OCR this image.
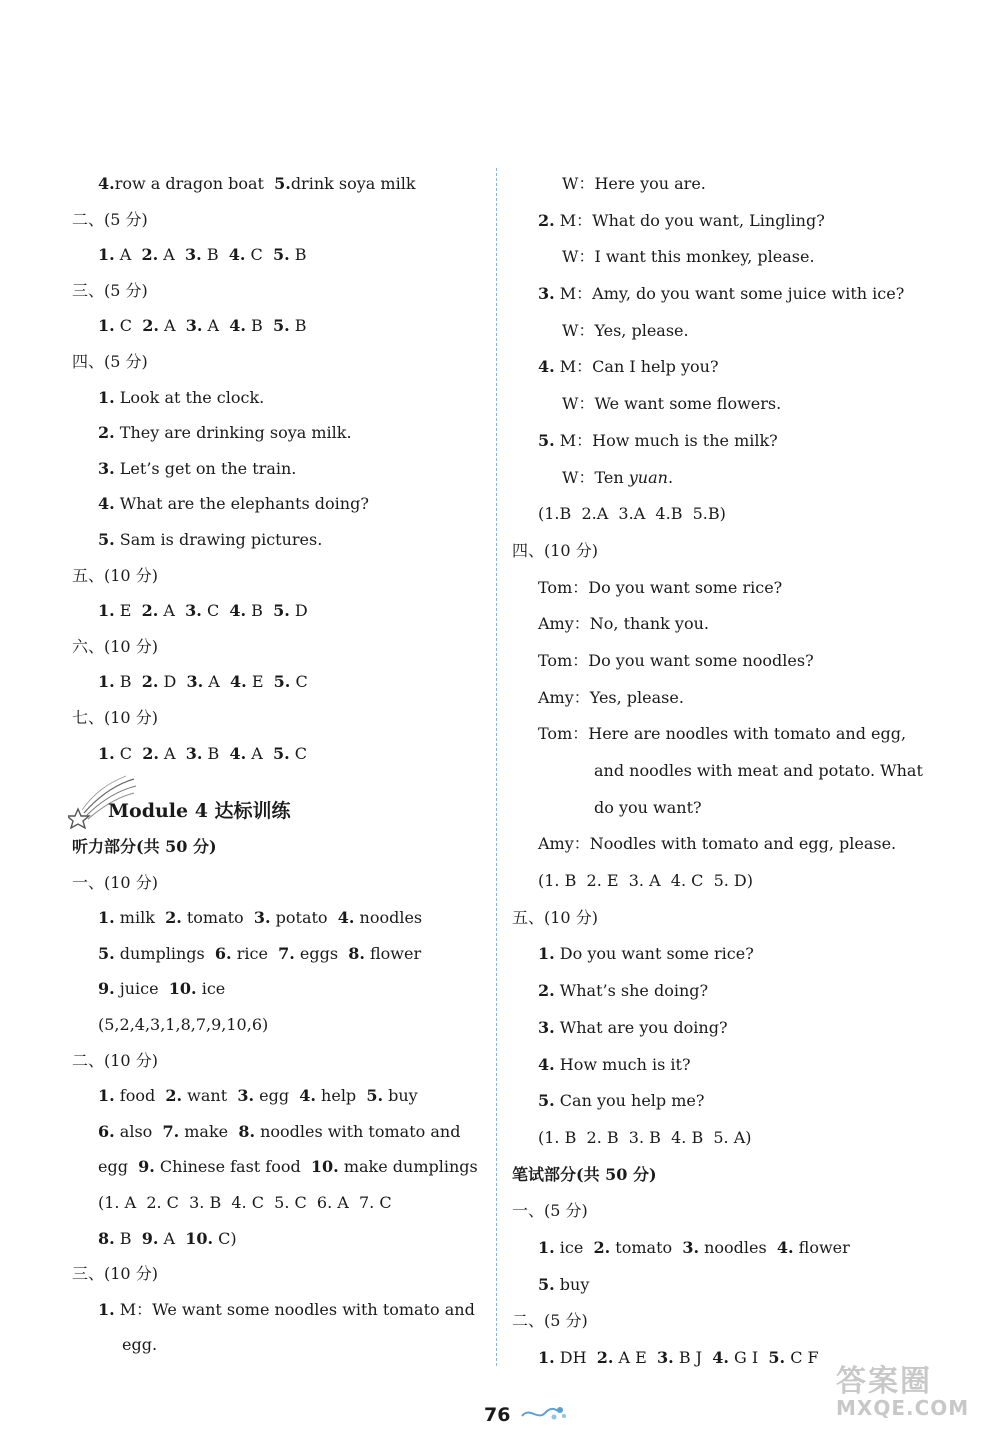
4.row a dragon boat  5.drink soya milk
二、(5 分)
1. A  2. A  3. B  4. C  5. B
三、(5 分)
1. C  2. A  3. A  4. B  5. B
四、(5 分)
1. Look at the clock.
2. They are drinking soya milk.
3. Let’s get on the train.
4. What are the elephants doing?
5. Sam is drawing pictures.
五、(10 分)
1. E  2. A  3. C  4. B  5. D
六、(10 分)
1. B  2. D  3. A  4. E  5. C
七、(10 分)
1. C  2. A  3. B  4. A  5. C
Module 4 达标训练
听力部分(共 50 分)
一、(10 分)
1. milk  2. tomato  3. potato  4. noodles
5. dumplings  6. rice  7. eggs  8. flower
9. juice  10. ice
(5,2,4,3,1,8,7,9,10,6)
二、(10 分)
1. food  2. want  3. egg  4. help  5. buy
6. also  7. make  8. noodles with tomato and
egg  9. Chinese fast food  10. make dumplings
(1. A  2. C  3. B  4. C  5. C  6. A  7. C
8. B  9. A  10. C)
三、(10 分)
1. M：We want some noodles with tomato and
egg.
W：Here you are.
2. M：What do you want, Lingling?
W：I want this monkey, please.
3. M：Amy, do you want some juice with ice?
W：Yes, please.
4. M：Can I help you?
W：We want some flowers.
5. M：How much is the milk?
W：Ten yuan.
(1.B  2.A  3.A  4.B  5.B)
四、(10 分)
Tom：Do you want some rice?
Amy：No, thank you.
Tom：Do you want some noodles?
Amy：Yes, please.
Tom：Here are noodles with tomato and egg,
and noodles with meat and potato. What
do you want?
Amy：Noodles with tomato and egg, please.
(1. B  2. E  3. A  4. C  5. D)
五、(10 分)
1. Do you want some rice?
2. What’s she doing?
3. What are you doing?
4. How much is it?
5. Can you help me?
(1. B  2. B  3. B  4. B  5. A)
笔试部分(共 50 分)
一、(5 分)
1. ice  2. tomato  3. noodles  4. flower
5. buy
二、(5 分)
1. DH  2. A E  3. B J  4. G I  5. C F
76
答案圈
MXQE.COM
